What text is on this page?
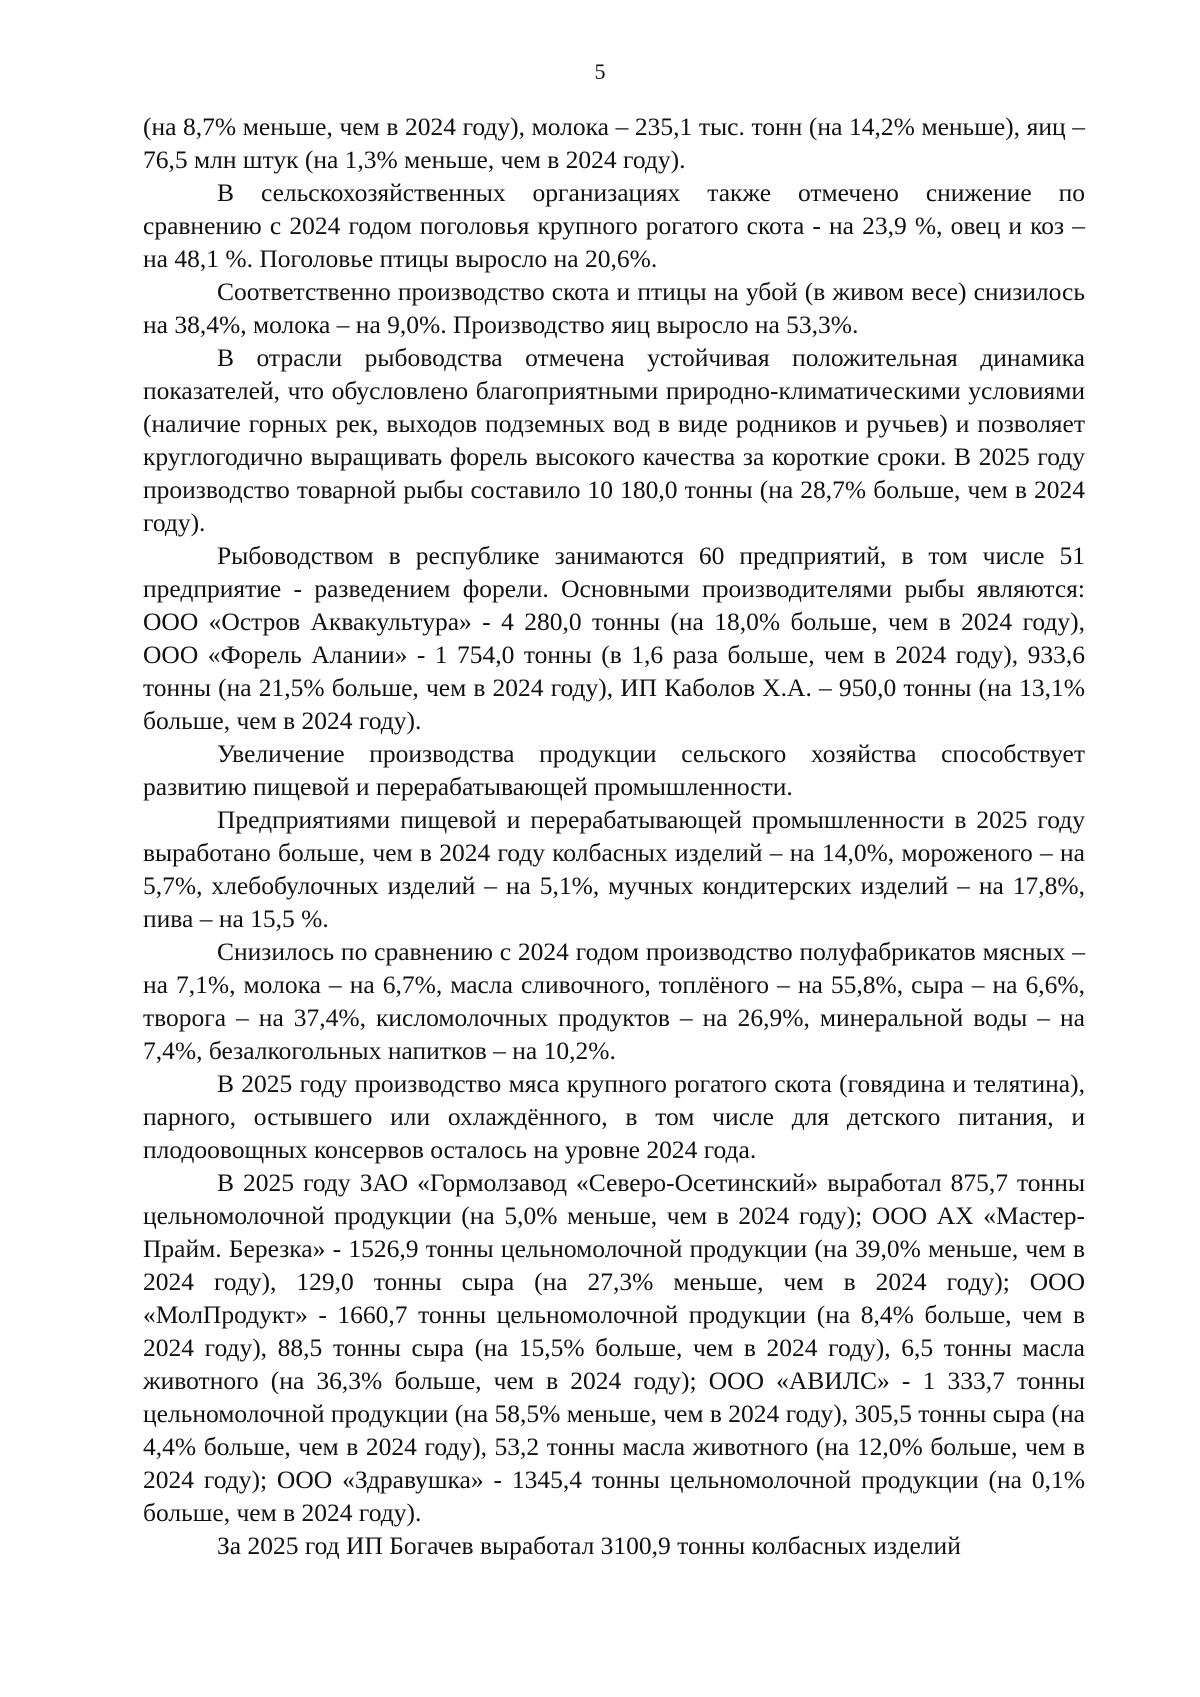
5

(на 8,7% меньше, чем в 2024 году), молока – 235,1 тыс. тонн (на 14,2% меньше), яиц – 76,5 млн штук (на 1,3% меньше, чем в 2024 году).

В сельскохозяйственных организациях также отмечено снижение по сравнению с 2024 годом поголовья крупного рогатого скота - на 23,9 %, овец и коз – на 48,1 %. Поголовье птицы выросло на 20,6%.

Соответственно производство скота и птицы на убой (в живом весе) снизилось на 38,4%, молока – на 9,0%. Производство яиц выросло на 53,3%.

В отрасли рыбоводства отмечена устойчивая положительная динамика показателей, что обусловлено благоприятными природно-климатическими условиями (наличие горных рек, выходов подземных вод в виде родников и ручьев) и позволяет круглогодично выращивать форель высокого качества за короткие сроки. В 2025 году производство товарной рыбы составило 10 180,0 тонны (на 28,7% больше, чем в 2024 году).

Рыбоводством в республике занимаются 60 предприятий, в том числе 51 предприятие - разведением форели. Основными производителями рыбы являются: ООО «Остров Аквакультура» - 4 280,0 тонны (на 18,0% больше, чем в 2024 году), ООО «Форель Алании» - 1 754,0 тонны (в 1,6 раза больше, чем в 2024 году), 933,6 тонны (на 21,5% больше, чем в 2024 году), ИП Каболов Х.А. – 950,0 тонны (на 13,1% больше, чем в 2024 году).

Увеличение производства продукции сельского хозяйства способствует развитию пищевой и перерабатывающей промышленности.

Предприятиями пищевой и перерабатывающей промышленности в 2025 году выработано больше, чем в 2024 году колбасных изделий – на 14,0%, мороженого – на 5,7%, хлебобулочных изделий – на 5,1%, мучных кондитерских изделий – на 17,8%, пива – на 15,5 %.

Снизилось по сравнению с 2024 годом производство полуфабрикатов мясных – на 7,1%, молока – на 6,7%, масла сливочного, топлёного – на 55,8%, сыра – на 6,6%, творога – на 37,4%, кисломолочных продуктов – на 26,9%, минеральной воды – на 7,4%, безалкогольных напитков – на 10,2%.

В 2025 году производство мяса крупного рогатого скота (говядина и телятина), парного, остывшего или охлаждённого, в том числе для детского питания, и плодоовощных консервов осталось на уровне 2024 года.

В 2025 году ЗАО «Гормолзавод «Северо-Осетинский» выработал 875,7 тонны цельномолочной продукции (на 5,0% меньше, чем в 2024 году); ООО АХ «Мастер-Прайм. Березка» - 1526,9 тонны цельномолочной продукции (на 39,0% меньше, чем в 2024 году), 129,0 тонны сыра (на 27,3% меньше, чем в 2024 году); ООО «МолПродукт» - 1660,7 тонны цельномолочной продукции (на 8,4% больше, чем в 2024 году), 88,5 тонны сыра (на 15,5% больше, чем в 2024 году), 6,5 тонны масла животного (на 36,3% больше, чем в 2024 году); ООО «АВИЛС» - 1 333,7 тонны цельномолочной продукции (на 58,5% меньше, чем в 2024 году), 305,5 тонны сыра (на 4,4% больше, чем в 2024 году), 53,2 тонны масла животного (на 12,0% больше, чем в 2024 году); ООО «Здравушка» - 1345,4 тонны цельномолочной продукции (на 0,1% больше, чем в 2024 году).

За 2025 год ИП Богачев выработал 3100,9 тонны колбасных изделий
